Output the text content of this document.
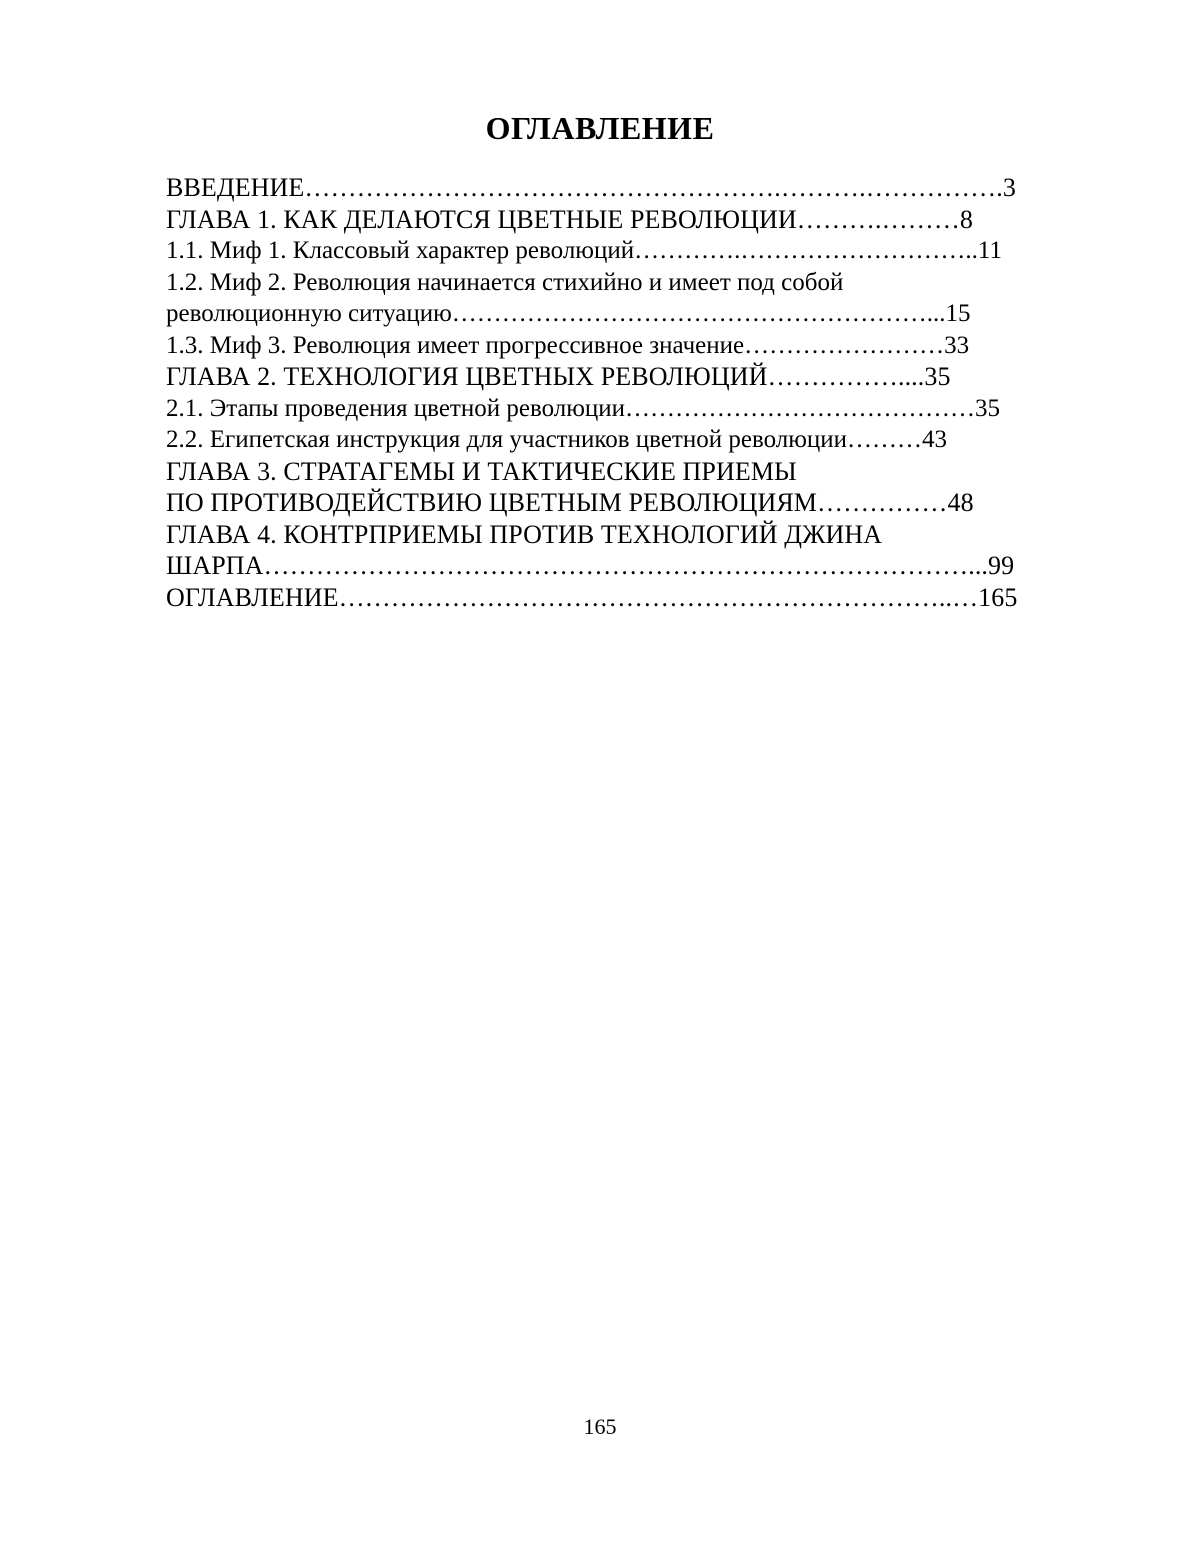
ОГЛАВЛЕНИЕ
ВВЕДЕНИЕ……………………………………………….……….…………….3
ГЛАВА 1. КАК ДЕЛАЮТСЯ ЦВЕТНЫЕ РЕВОЛЮЦИИ……….………8
1.1. Миф 1. Классовый характер революций………….………………………..11
1.2. Миф 2. Революция начинается стихийно и имеет под собой
революционную ситуацию…………………………………………………...15
1.3. Миф 3. Революция имеет прогрессивное значение……………………33
ГЛАВА 2. ТЕХНОЛОГИЯ ЦВЕТНЫХ РЕВОЛЮЦИЙ……………....35
2.1. Этапы проведения цветной революции……………………………………35
2.2. Египетская инструкция для участников цветной революции………43
ГЛАВА 3. СТРАТАГЕМЫ И ТАКТИЧЕСКИЕ ПРИЕМЫ
ПО ПРОТИВОДЕЙСТВИЮ ЦВЕТНЫМ РЕВОЛЮЦИЯМ……………48
ГЛАВА 4. КОНТРПРИЕМЫ ПРОТИВ ТЕХНОЛОГИЙ ДЖИНА
ШАРПА………………………………………………………………………...99
ОГЛАВЛЕНИЕ……………………………………………………………..…165

165
